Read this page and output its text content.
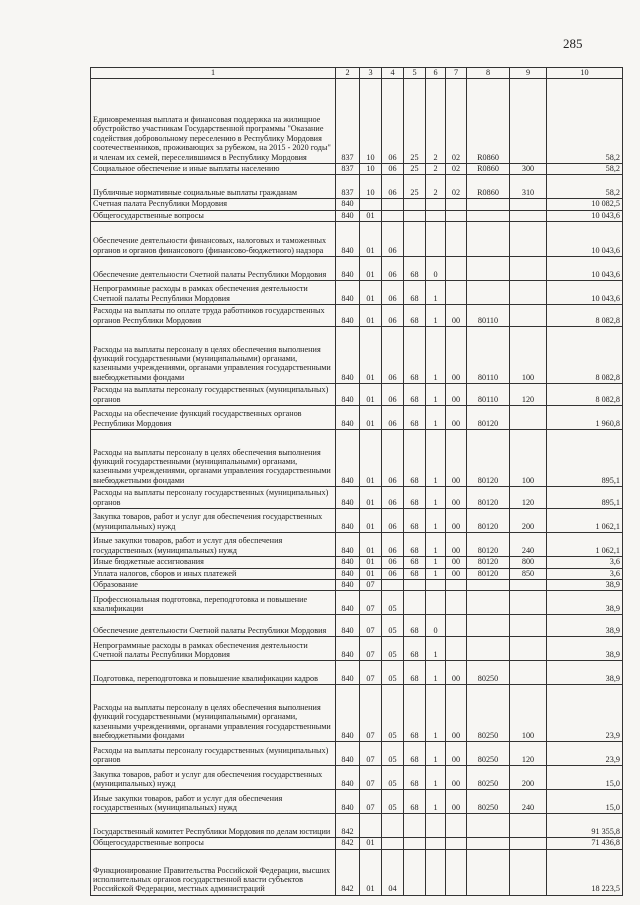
285
1	2	3	4	5	6	7	8	9	10
Единовременная выплата и финансовая поддержка на жилищное обустройство участникам Государственной программы "Оказание содействия добровольному переселению в Республику Мордовия соотечественников, проживающих за рубежом, на 2015 - 2020 годы" и членам их семей, переселившимся в Республику Мордовия	837	10	06	25	2	02	R0860		58,2
Социальное обеспечение и иные выплаты населению	837	10	06	25	2	02	R0860	300	58,2
Публичные нормативные социальные выплаты гражданам	837	10	06	25	2	02	R0860	310	58,2
Счетная палата Республики Мордовия	840								10 082,5
Общегосударственные вопросы	840	01							10 043,6
Обеспечение деятельности финансовых, налоговых и таможенных органов и органов финансового (финансово-бюджетного) надзора	840	01	06						10 043,6
Обеспечение деятельности Счетной палаты Республики Мордовия	840	01	06	68	0				10 043,6
Непрограммные расходы в рамках обеспечения деятельности Счетной палаты Республики Мордовия	840	01	06	68	1				10 043,6
Расходы на выплаты по оплате труда работников государственных органов Республики Мордовия	840	01	06	68	1	00	80110		8 082,8
Расходы на выплаты персоналу в целях обеспечения выполнения функций государственными (муниципальными) органами, казенными учреждениями, органами управления государственными внебюджетными фондами	840	01	06	68	1	00	80110	100	8 082,8
Расходы на выплаты персоналу государственных (муниципальных) органов	840	01	06	68	1	00	80110	120	8 082,8
Расходы на обеспечение функций государственных органов Республики Мордовия	840	01	06	68	1	00	80120		1 960,8
Расходы на выплаты персоналу в целях обеспечения выполнения функций государственными (муниципальными) органами, казенными учреждениями, органами управления государственными внебюджетными фондами	840	01	06	68	1	00	80120	100	895,1
Расходы на выплаты персоналу государственных (муниципальных) органов	840	01	06	68	1	00	80120	120	895,1
Закупка товаров, работ и услуг для обеспечения государственных (муниципальных) нужд	840	01	06	68	1	00	80120	200	1 062,1
Иные закупки товаров, работ и услуг для обеспечения государственных (муниципальных) нужд	840	01	06	68	1	00	80120	240	1 062,1
Иные бюджетные ассигнования	840	01	06	68	1	00	80120	800	3,6
Уплата налогов, сборов и иных платежей	840	01	06	68	1	00	80120	850	3,6
Образование	840	07							38,9
Профессиональная подготовка, переподготовка и повышение квалификации	840	07	05						38,9
Обеспечение деятельности Счетной палаты Республики Мордовия	840	07	05	68	0				38,9
Непрограммные расходы в рамках обеспечения деятельности Счетной палаты Республики Мордовия	840	07	05	68	1				38,9
Подготовка, переподготовка и повышение квалификации кадров	840	07	05	68	1	00	80250		38,9
Расходы на выплаты персоналу в целях обеспечения выполнения функций государственными (муниципальными) органами, казенными учреждениями, органами управления государственными внебюджетными фондами	840	07	05	68	1	00	80250	100	23,9
Расходы на выплаты персоналу государственных (муниципальных) органов	840	07	05	68	1	00	80250	120	23,9
Закупка товаров, работ и услуг для обеспечения государственных (муниципальных) нужд	840	07	05	68	1	00	80250	200	15,0
Иные закупки товаров, работ и услуг для обеспечения государственных (муниципальных) нужд	840	07	05	68	1	00	80250	240	15,0
Государственный комитет Республики Мордовия по делам юстиции	842								91 355,8
Общегосударственные вопросы	842	01							71 436,8
Функционирование Правительства Российской Федерации, высших исполнительных органов государственной власти субъектов Российской Федерации, местных администраций	842	01	04						18 223,5
